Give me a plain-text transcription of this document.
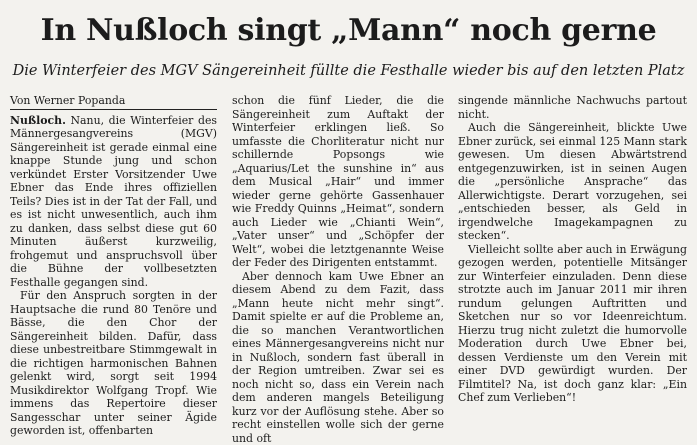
In Nußloch singt „Mann“ noch gerne
Die Winterfeier des MGV Sängereinheit füllte die Festhalle wieder bis auf den letzten Platz
Von Werner Popanda

Nußloch. Nanu, die Winterfeier des Männergesangvereins (MGV) Sängereinheit ist gerade einmal eine knappe Stunde jung und schon verkündet Erster Vorsitzender Uwe Ebner das Ende ihres offiziellen Teils? Dies ist in der Tat der Fall, und es ist nicht unwesentlich, auch ihm zu danken, dass selbst diese gut 60 Minuten äußerst kurzweilig, frohgemut und anspruchsvoll über die Bühne der vollbesetzten Festhalle gegangen sind.

Für den Anspruch sorgten in der Hauptsache die rund 80 Tenöre und Bässe, die den Chor der Sängereinheit bilden. Dafür, dass diese unbestreitbare Stimmgewalt in die richtigen harmonischen Bahnen gelenkt wird, sorgt seit 1994 Musikdirektor Wolfgang Tropf. Wie immens das Repertoire dieser Sangesschar unter seiner Ägide geworden ist, offenbarten

schon die fünf Lieder, die die Sängereinheit zum Auftakt der Winterfeier erklingen ließ. So umfasste die Chorliteratur nicht nur schillernde Popsongs wie „Aquarius/Let the sunshine in“ aus dem Musical „Hair“ und immer wieder gerne gehörte Gassenhauer wie Freddy Quinns „Heimat“, sondern auch Lieder wie „Chianti Wein“, „Vater unser“ und „Schöpfer der Welt“, wobei die letztgenannte Weise der Feder des Dirigenten entstammt.

Aber dennoch kam Uwe Ebner an diesem Abend zu dem Fazit, dass „Mann heute nicht mehr singt“. Damit spielte er auf die Probleme an, die so manchen Verantwortlichen eines Männergesangvereins nicht nur in Nußloch, sondern fast überall in der Region umtreiben. Zwar sei es noch nicht so, dass ein Verein nach dem anderen mangels Beteiligung kurz vor der Auflösung stehe. Aber so recht einstellen wolle sich der gerne und oft

singende männliche Nachwuchs partout nicht.

Auch die Sängereinheit, blickte Uwe Ebner zurück, sei einmal 125 Mann stark gewesen. Um diesen Abwärtstrend entgegenzuwirken, ist in seinen Augen die „persönliche Ansprache“ das Allerwichtigste. Derart vorzugehen, sei „entschieden besser, als Geld in irgendwelche Imagekampagnen zu stecken“.

Vielleicht sollte aber auch in Erwägung gezogen werden, potentielle Mitsänger zur Winterfeier einzuladen. Denn diese strotzte auch im Januar 2011 mir ihren rundum gelungen Auftritten und Sketchen nur so vor Ideenreichtum. Hierzu trug nicht zuletzt die humorvolle Moderation durch Uwe Ebner bei, dessen Verdienste um den Verein mit einer DVD gewürdigt wurden. Der Filmtitel? Na, ist doch ganz klar: „Ein Chef zum Verlieben“!
